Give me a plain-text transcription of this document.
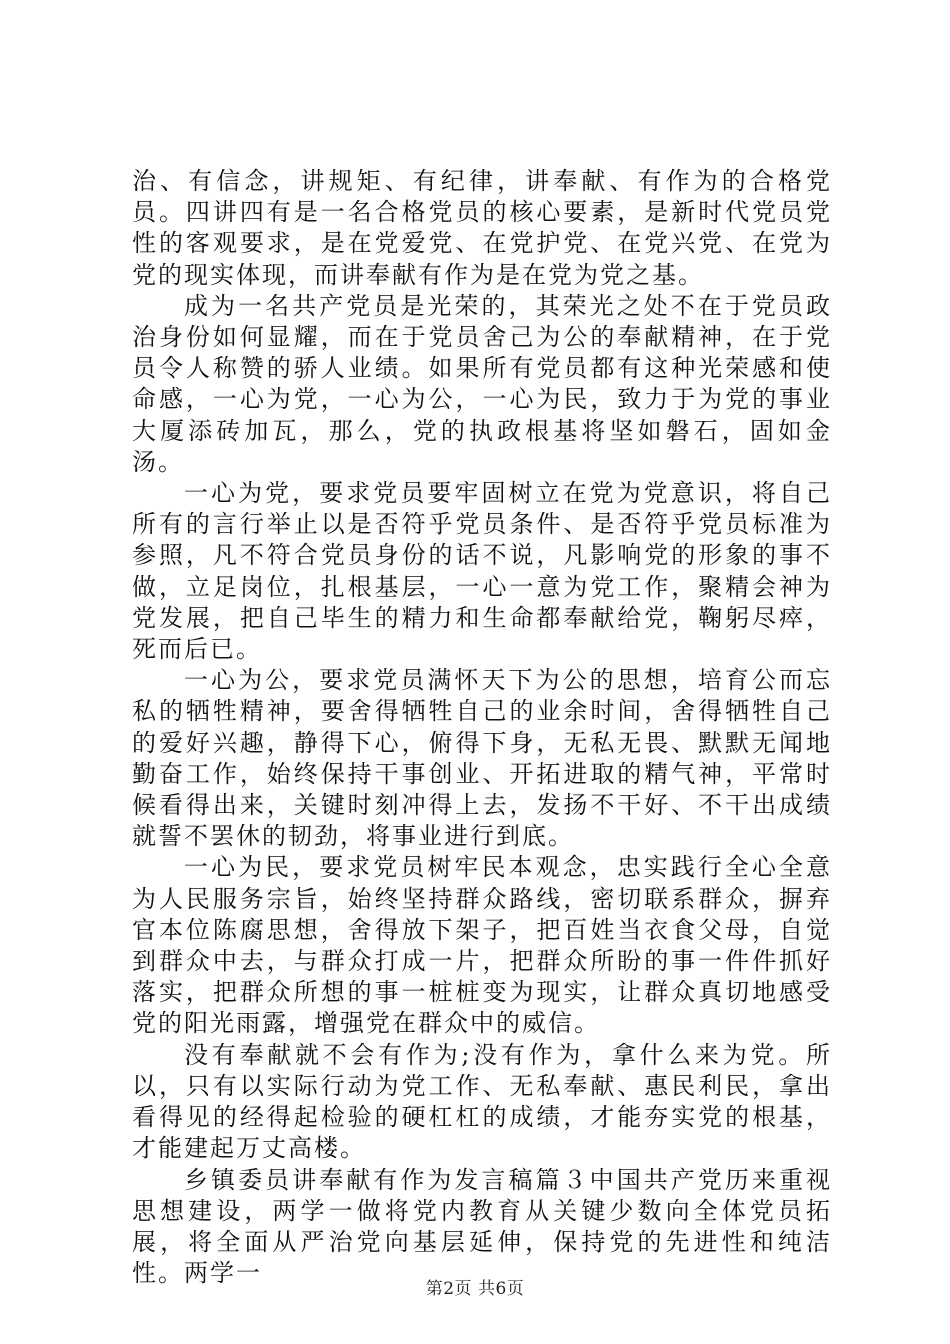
治、有信念，讲规矩、有纪律，讲奉献、有作为的合格党员。四讲四有是一名合格党员的核心要素，是新时代党员党性的客观要求，是在党爱党、在党护党、在党兴党、在党为党的现实体现，而讲奉献有作为是在党为党之基。

成为一名共产党员是光荣的，其荣光之处不在于党员政治身份如何显耀，而在于党员舍己为公的奉献精神，在于党员令人称赞的骄人业绩。如果所有党员都有这种光荣感和使命感，一心为党，一心为公，一心为民，致力于为党的事业大厦添砖加瓦，那么，党的执政根基将坚如磐石，固如金汤。

一心为党，要求党员要牢固树立在党为党意识，将自己所有的言行举止以是否符乎党员条件、是否符乎党员标准为参照，凡不符合党员身份的话不说，凡影响党的形象的事不做，立足岗位，扎根基层，一心一意为党工作，聚精会神为党发展，把自己毕生的精力和生命都奉献给党，鞠躬尽瘁，死而后已。

一心为公，要求党员满怀天下为公的思想，培育公而忘私的牺牲精神，要舍得牺牲自己的业余时间，舍得牺牲自己的爱好兴趣，静得下心，俯得下身，无私无畏、默默无闻地勤奋工作，始终保持干事创业、开拓进取的精气神，平常时候看得出来，关键时刻冲得上去，发扬不干好、不干出成绩就誓不罢休的韧劲，将事业进行到底。

一心为民，要求党员树牢民本观念，忠实践行全心全意为人民服务宗旨，始终坚持群众路线，密切联系群众，摒弃官本位陈腐思想，舍得放下架子，把百姓当衣食父母，自觉到群众中去，与群众打成一片，把群众所盼的事一件件抓好落实，把群众所想的事一桩桩变为现实，让群众真切地感受党的阳光雨露，增强党在群众中的威信。

没有奉献就不会有作为;没有作为，拿什么来为党。所以，只有以实际行动为党工作、无私奉献、惠民利民，拿出看得见的经得起检验的硬杠杠的成绩，才能夯实党的根基，才能建起万丈高楼。

乡镇委员讲奉献有作为发言稿篇３中国共产党历来重视思想建设，两学一做将党内教育从关键少数向全体党员拓展，将全面从严治党向基层延伸，保持党的先进性和纯洁性。两学一

第2页 共6页
